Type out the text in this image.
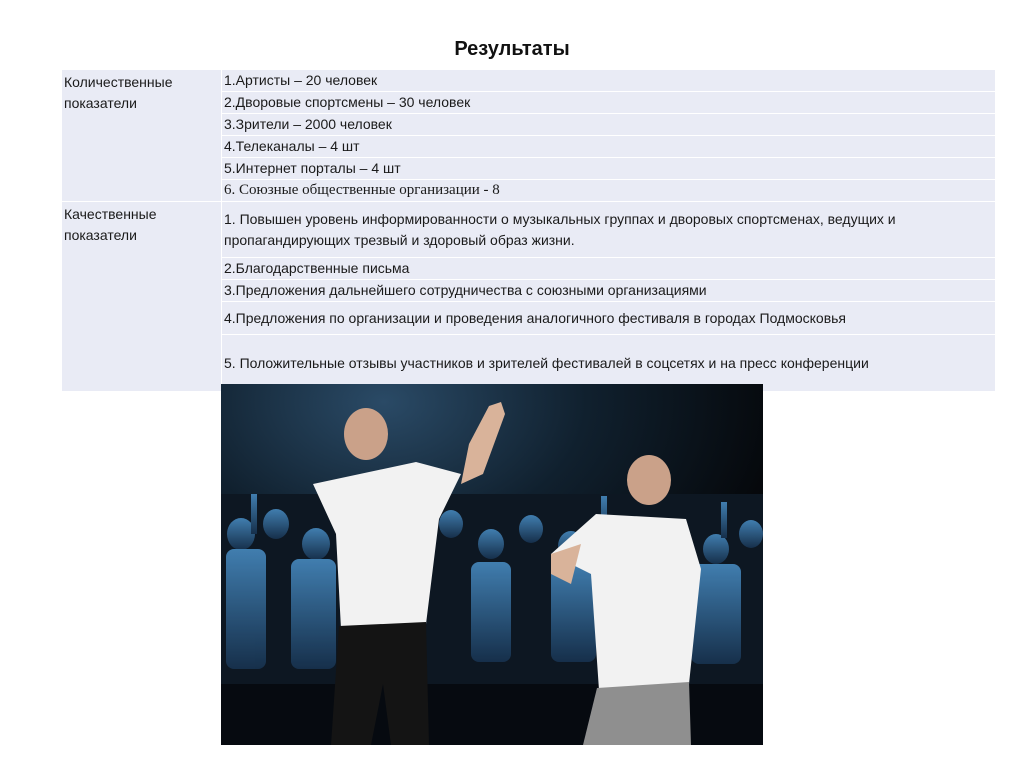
Результаты
Количественные показатели	1.Артисты – 20 человек
	2.Дворовые спортсмены – 30 человек
	3.Зрители – 2000 человек
	4.Телеканалы – 4 шт
	5.Интернет порталы – 4 шт
	6. Союзные общественные организации - 8
Качественные показатели	1. Повышен уровень информированности о музыкальных группах и дворовых спортсменах, ведущих и пропагандирующих трезвый и здоровый образ жизни.
	2.Благодарственные письма
	3.Предложения дальнейшего сотрудничества с союзными организациями
	4.Предложения по организации и проведения аналогичного фестиваля в городах Подмосковья
	5. Положительные отзывы участников и зрителей фестивалей в соцсетях и на пресс конференции
